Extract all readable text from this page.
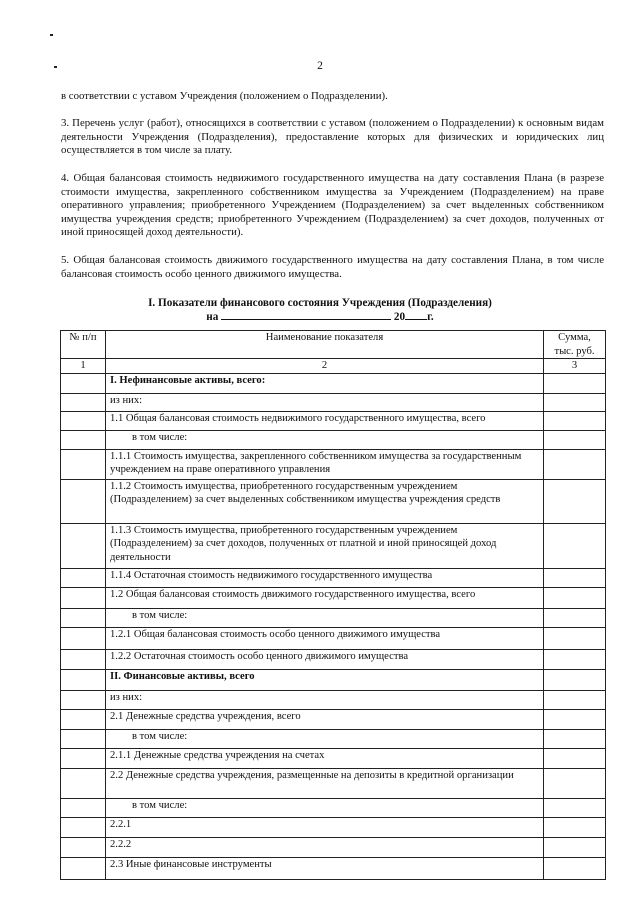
2
в соответствии с уставом Учреждения (положением о Подразделении).
3. Перечень услуг (работ), относящихся в соответствии с уставом (положением о Подразделении) к основным видам деятельности Учреждения (Подразделения), предоставление которых для физических и юридических лиц осуществляется в том числе за плату.
4. Общая балансовая стоимость недвижимого государственного имущества на дату составления Плана (в разрезе стоимости имущества, закрепленного собственником имущества за Учреждением (Подразделением) на праве оперативного управления; приобретенного Учреждением (Подразделением) за счет выделенных собственником имущества учреждения средств; приобретенного Учреждением (Подразделением) за счет доходов, полученных от иной приносящей доход деятельности).
5. Общая балансовая стоимость движимого государственного имущества на дату составления Плана, в том числе балансовая стоимость особо ценного движимого имущества.
I. Показатели финансового состояния Учреждения (Подразделения)
на	20 г.
№ п/п	Наименование показателя	Сумма, тыс. руб.
1	2	3
	I. Нефинансовые активы, всего:	
	из них:	
	1.1 Общая балансовая стоимость недвижимого государственного имущества, всего	
	в том числе:	
	1.1.1 Стоимость имущества, закрепленного собственником имущества за государственным учреждением на праве оперативного управления	
	1.1.2 Стоимость имущества, приобретенного государственным учреждением (Подразделением) за счет выделенных собственником имущества учреждения средств	
	1.1.3 Стоимость имущества, приобретенного государственным учреждением (Подразделением) за счет доходов, полученных от платной и иной приносящей доход деятельности	
	1.1.4 Остаточная стоимость недвижимого государственного имущества	
	1.2 Общая балансовая стоимость движимого государственного имущества, всего	
	в том числе:	
	1.2.1 Общая балансовая стоимость особо ценного движимого имущества	
	1.2.2 Остаточная стоимость особо ценного движимого имущества	
	II. Финансовые активы, всего	
	из них:	
	2.1 Денежные средства учреждения, всего	
	в том числе:	
	2.1.1 Денежные средства учреждения на счетах	
	2.2 Денежные средства учреждения, размещенные на депозиты в кредитной организации	
	в том числе:	
	2.2.1	
	2.2.2	
	2.3 Иные финансовые инструменты	
